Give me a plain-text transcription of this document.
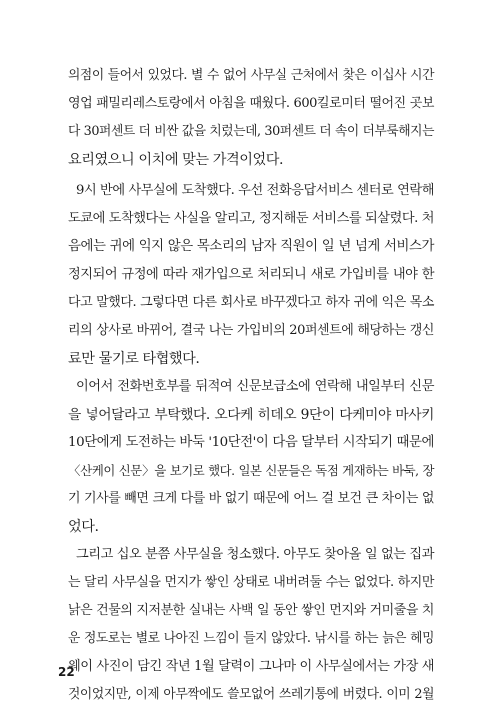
의점이 들어서 있었다. 별 수 없어 사무실 근처에서 찾은 이십사 시간
영업 패밀리레스토랑에서 아침을 때웠다. 600킬로미터 떨어진 곳보
다 30퍼센트 더 비싼 값을 치렀는데, 30퍼센트 더 속이 더부룩해지는
요리였으니 이치에 맞는 가격이었다.
9시 반에 사무실에 도착했다. 우선 전화응답서비스 센터로 연락해
도쿄에 도착했다는 사실을 알리고, 정지해둔 서비스를 되살렸다. 처
음에는 귀에 익지 않은 목소리의 남자 직원이 일 년 넘게 서비스가
정지되어 규정에 따라 재가입으로 처리되니 새로 가입비를 내야 한
다고 말했다. 그렇다면 다른 회사로 바꾸겠다고 하자 귀에 익은 목소
리의 상사로 바뀌어, 결국 나는 가입비의 20퍼센트에 해당하는 갱신
료만 물기로 타협했다.
이어서 전화번호부를 뒤적여 신문보급소에 연락해 내일부터 신문
을 넣어달라고 부탁했다. 오다케 히데오 9단이 다케미야 마사키
10단에게 도전하는 바둑 '10단전'이 다음 달부터 시작되기 때문에
〈산케이 신문〉을 보기로 했다. 일본 신문들은 독점 게재하는 바둑, 장
기 기사를 빼면 크게 다를 바 없기 때문에 어느 걸 보건 큰 차이는 없
었다.
그리고 십오 분쯤 사무실을 청소했다. 아무도 찾아올 일 없는 집과
는 달리 사무실을 먼지가 쌓인 상태로 내버려둘 수는 없었다. 하지만
낡은 건물의 지저분한 실내는 사백 일 동안 쌓인 먼지와 거미줄을 치
운 정도로는 별로 나아진 느낌이 들지 않았다. 낚시를 하는 늙은 헤밍
웨이 사진이 담긴 작년 1월 달력이 그나마 이 사무실에서는 가장 새
것이었지만, 이제 아무짝에도 쓸모없어 쓰레기통에 버렸다. 이미 2월
22
